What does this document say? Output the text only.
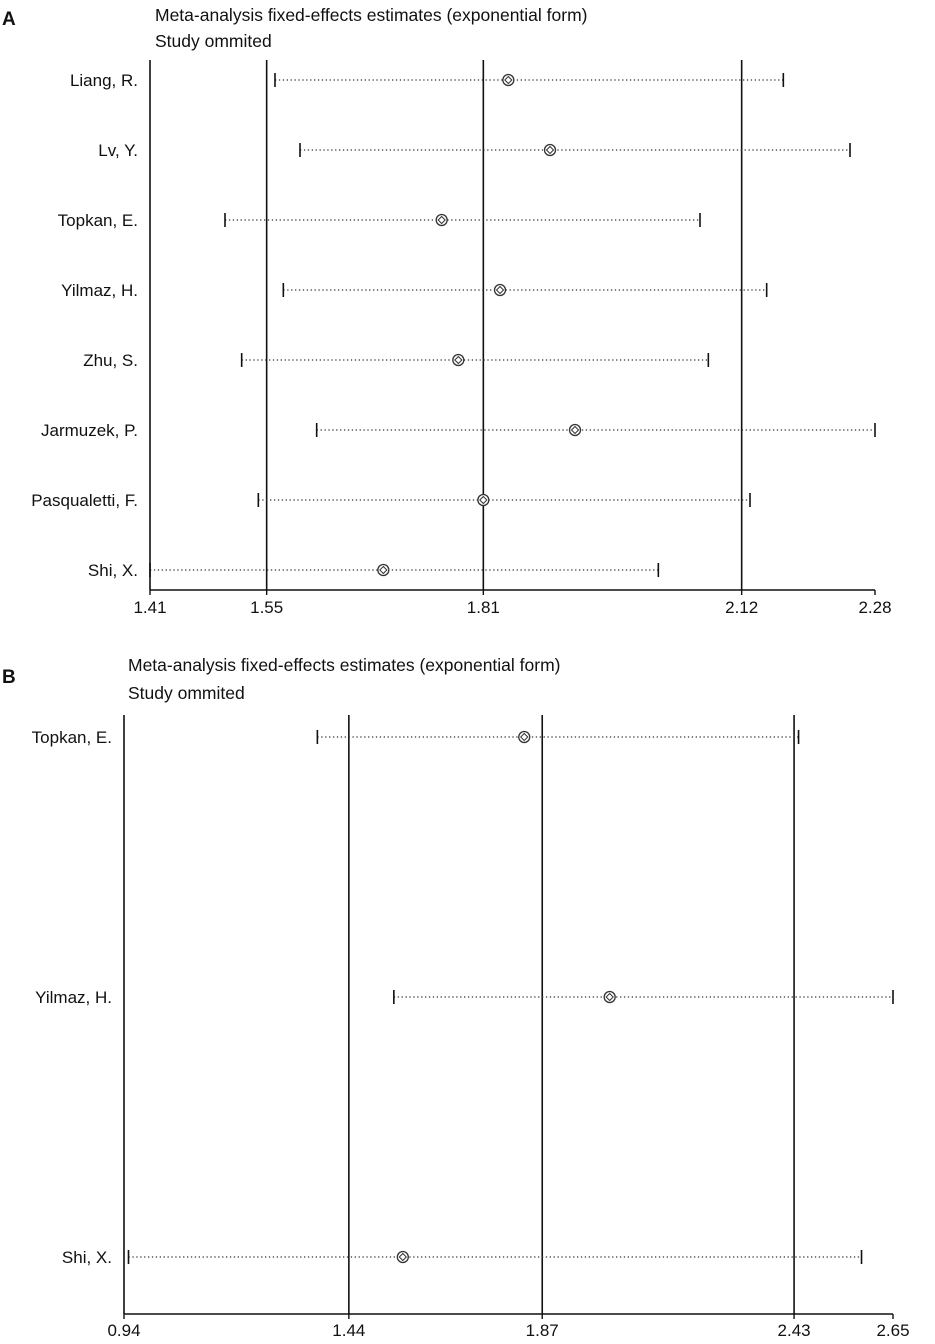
A	Meta-analysis fixed-effects estimates (exponential form)
Study ommited
1.41	1.55	1.81	2.12	2.28
Liang, R.
Lv, Y.
Topkan, E.
Yilmaz, H.
Zhu, S.
Jarmuzek, P.
Pasqualetti, F.
Shi, X.
B
Meta-analysis fixed-effects estimates (exponential form)
Study ommited
0.94	1.44	1.87	2.43	2.65
Topkan, E.
Yilmaz, H.
Shi, X.
